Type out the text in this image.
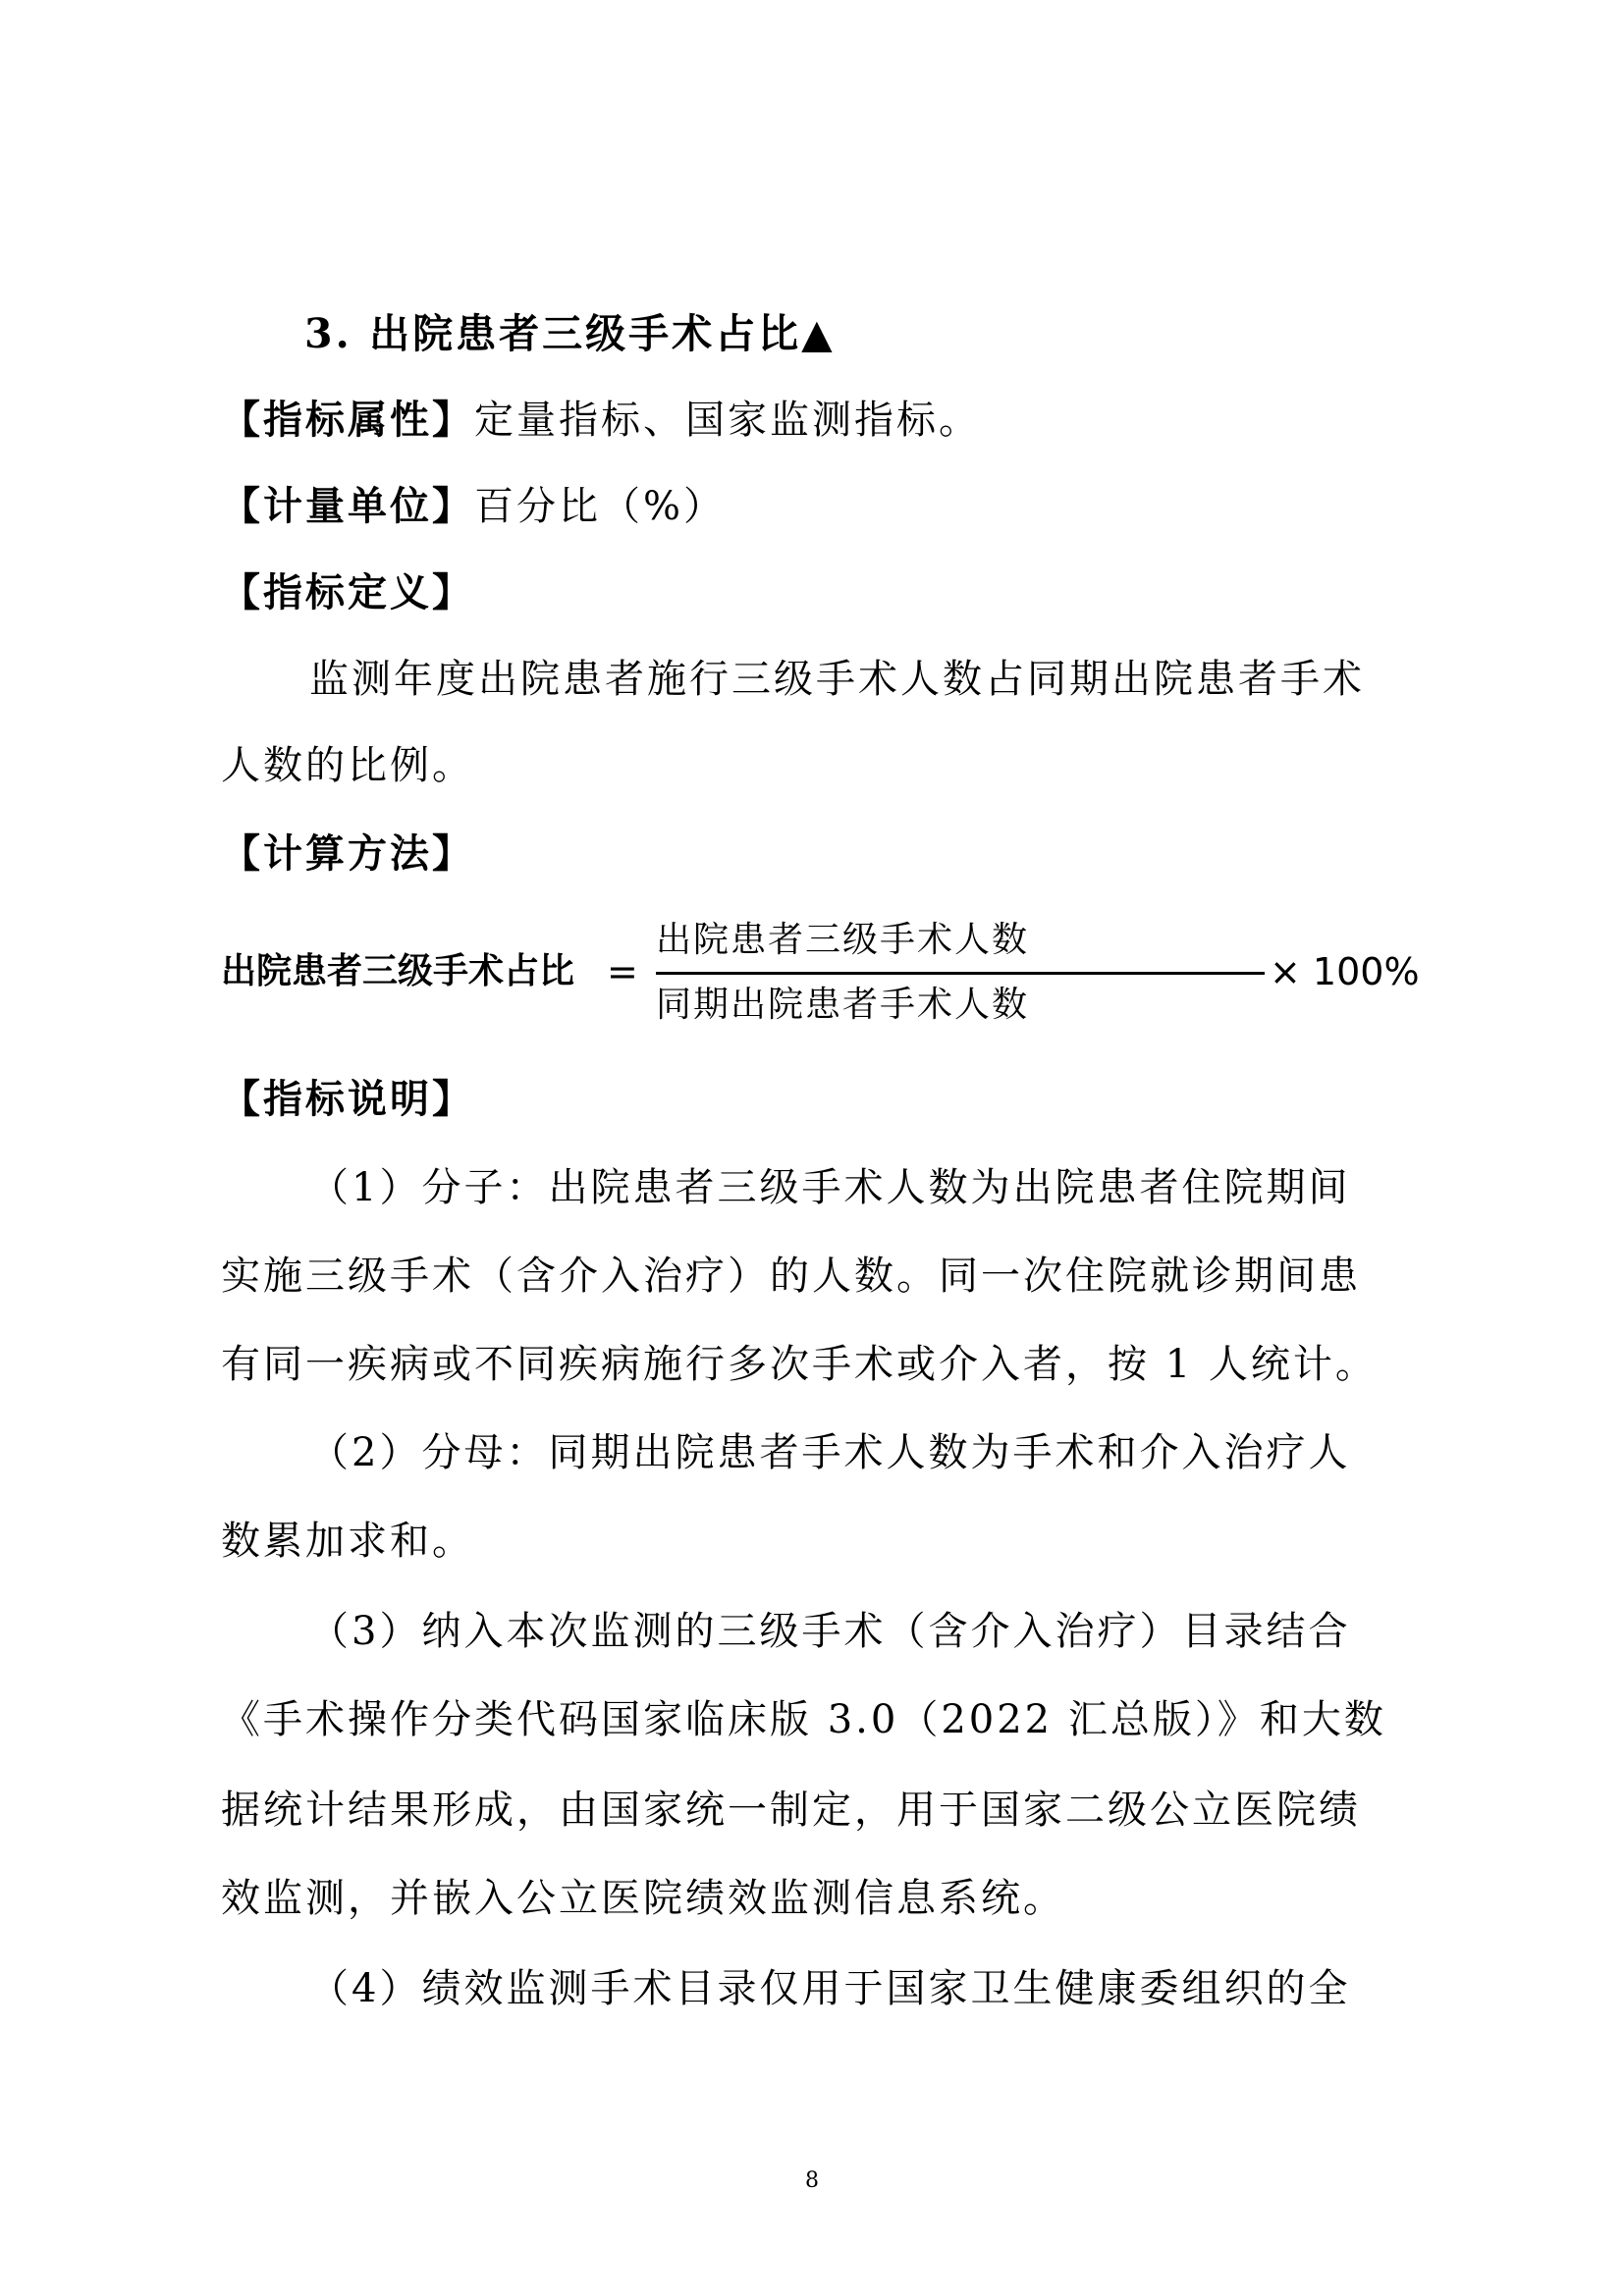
3. 出院患者三级手术占比▲
【指标属性】定量指标、国家监测指标。
【计量单位】百分比（%）
【指标定义】
监测年度出院患者施行三级手术人数占同期出院患者手术
人数的比例。
【计算方法】
出院患者三级手术占比 =
出院患者三级手术人数
同期出院患者手术人数
× 100%
【指标说明】
（1）分子：出院患者三级手术人数为出院患者住院期间
实施三级手术（含介入治疗）的人数。同一次住院就诊期间患
有同一疾病或不同疾病施行多次手术或介入者，按 1 人统计。
（2）分母：同期出院患者手术人数为手术和介入治疗人
数累加求和。
（3）纳入本次监测的三级手术（含介入治疗）目录结合
《手术操作分类代码国家临床版 3.0（2022 汇总版）》和大数
据统计结果形成，由国家统一制定，用于国家二级公立医院绩
效监测，并嵌入公立医院绩效监测信息系统。
（4）绩效监测手术目录仅用于国家卫生健康委组织的全
8
